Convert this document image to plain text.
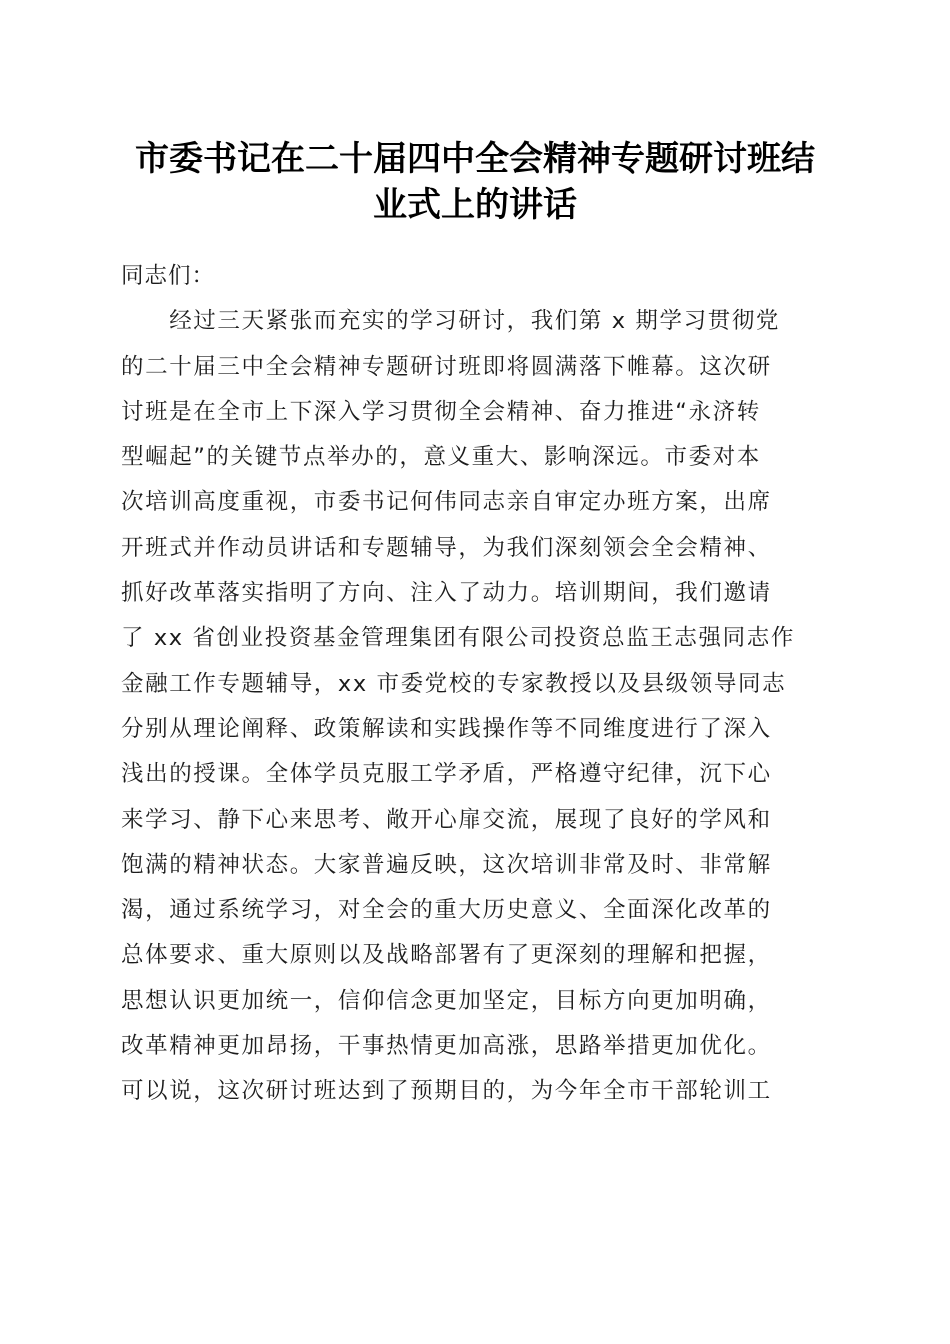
市委书记在二十届四中全会精神专题研讨班结
业式上的讲话
同志们：
　　经过三天紧张而充实的学习研讨，我们第 x 期学习贯彻党
的二十届三中全会精神专题研讨班即将圆满落下帷幕。这次研
讨班是在全市上下深入学习贯彻全会精神、奋力推进“永济转
型崛起”的关键节点举办的，意义重大、影响深远。市委对本
次培训高度重视，市委书记何伟同志亲自审定办班方案，出席
开班式并作动员讲话和专题辅导，为我们深刻领会全会精神、
抓好改革落实指明了方向、注入了动力。培训期间，我们邀请
了 xx 省创业投资基金管理集团有限公司投资总监王志强同志作
金融工作专题辅导，xx 市委党校的专家教授以及县级领导同志
分别从理论阐释、政策解读和实践操作等不同维度进行了深入
浅出的授课。全体学员克服工学矛盾，严格遵守纪律，沉下心
来学习、静下心来思考、敞开心扉交流，展现了良好的学风和
饱满的精神状态。大家普遍反映，这次培训非常及时、非常解
渴，通过系统学习，对全会的重大历史意义、全面深化改革的
总体要求、重大原则以及战略部署有了更深刻的理解和把握，
思想认识更加统一，信仰信念更加坚定，目标方向更加明确，
改革精神更加昂扬，干事热情更加高涨，思路举措更加优化。
可以说，这次研讨班达到了预期目的，为今年全市干部轮训工
